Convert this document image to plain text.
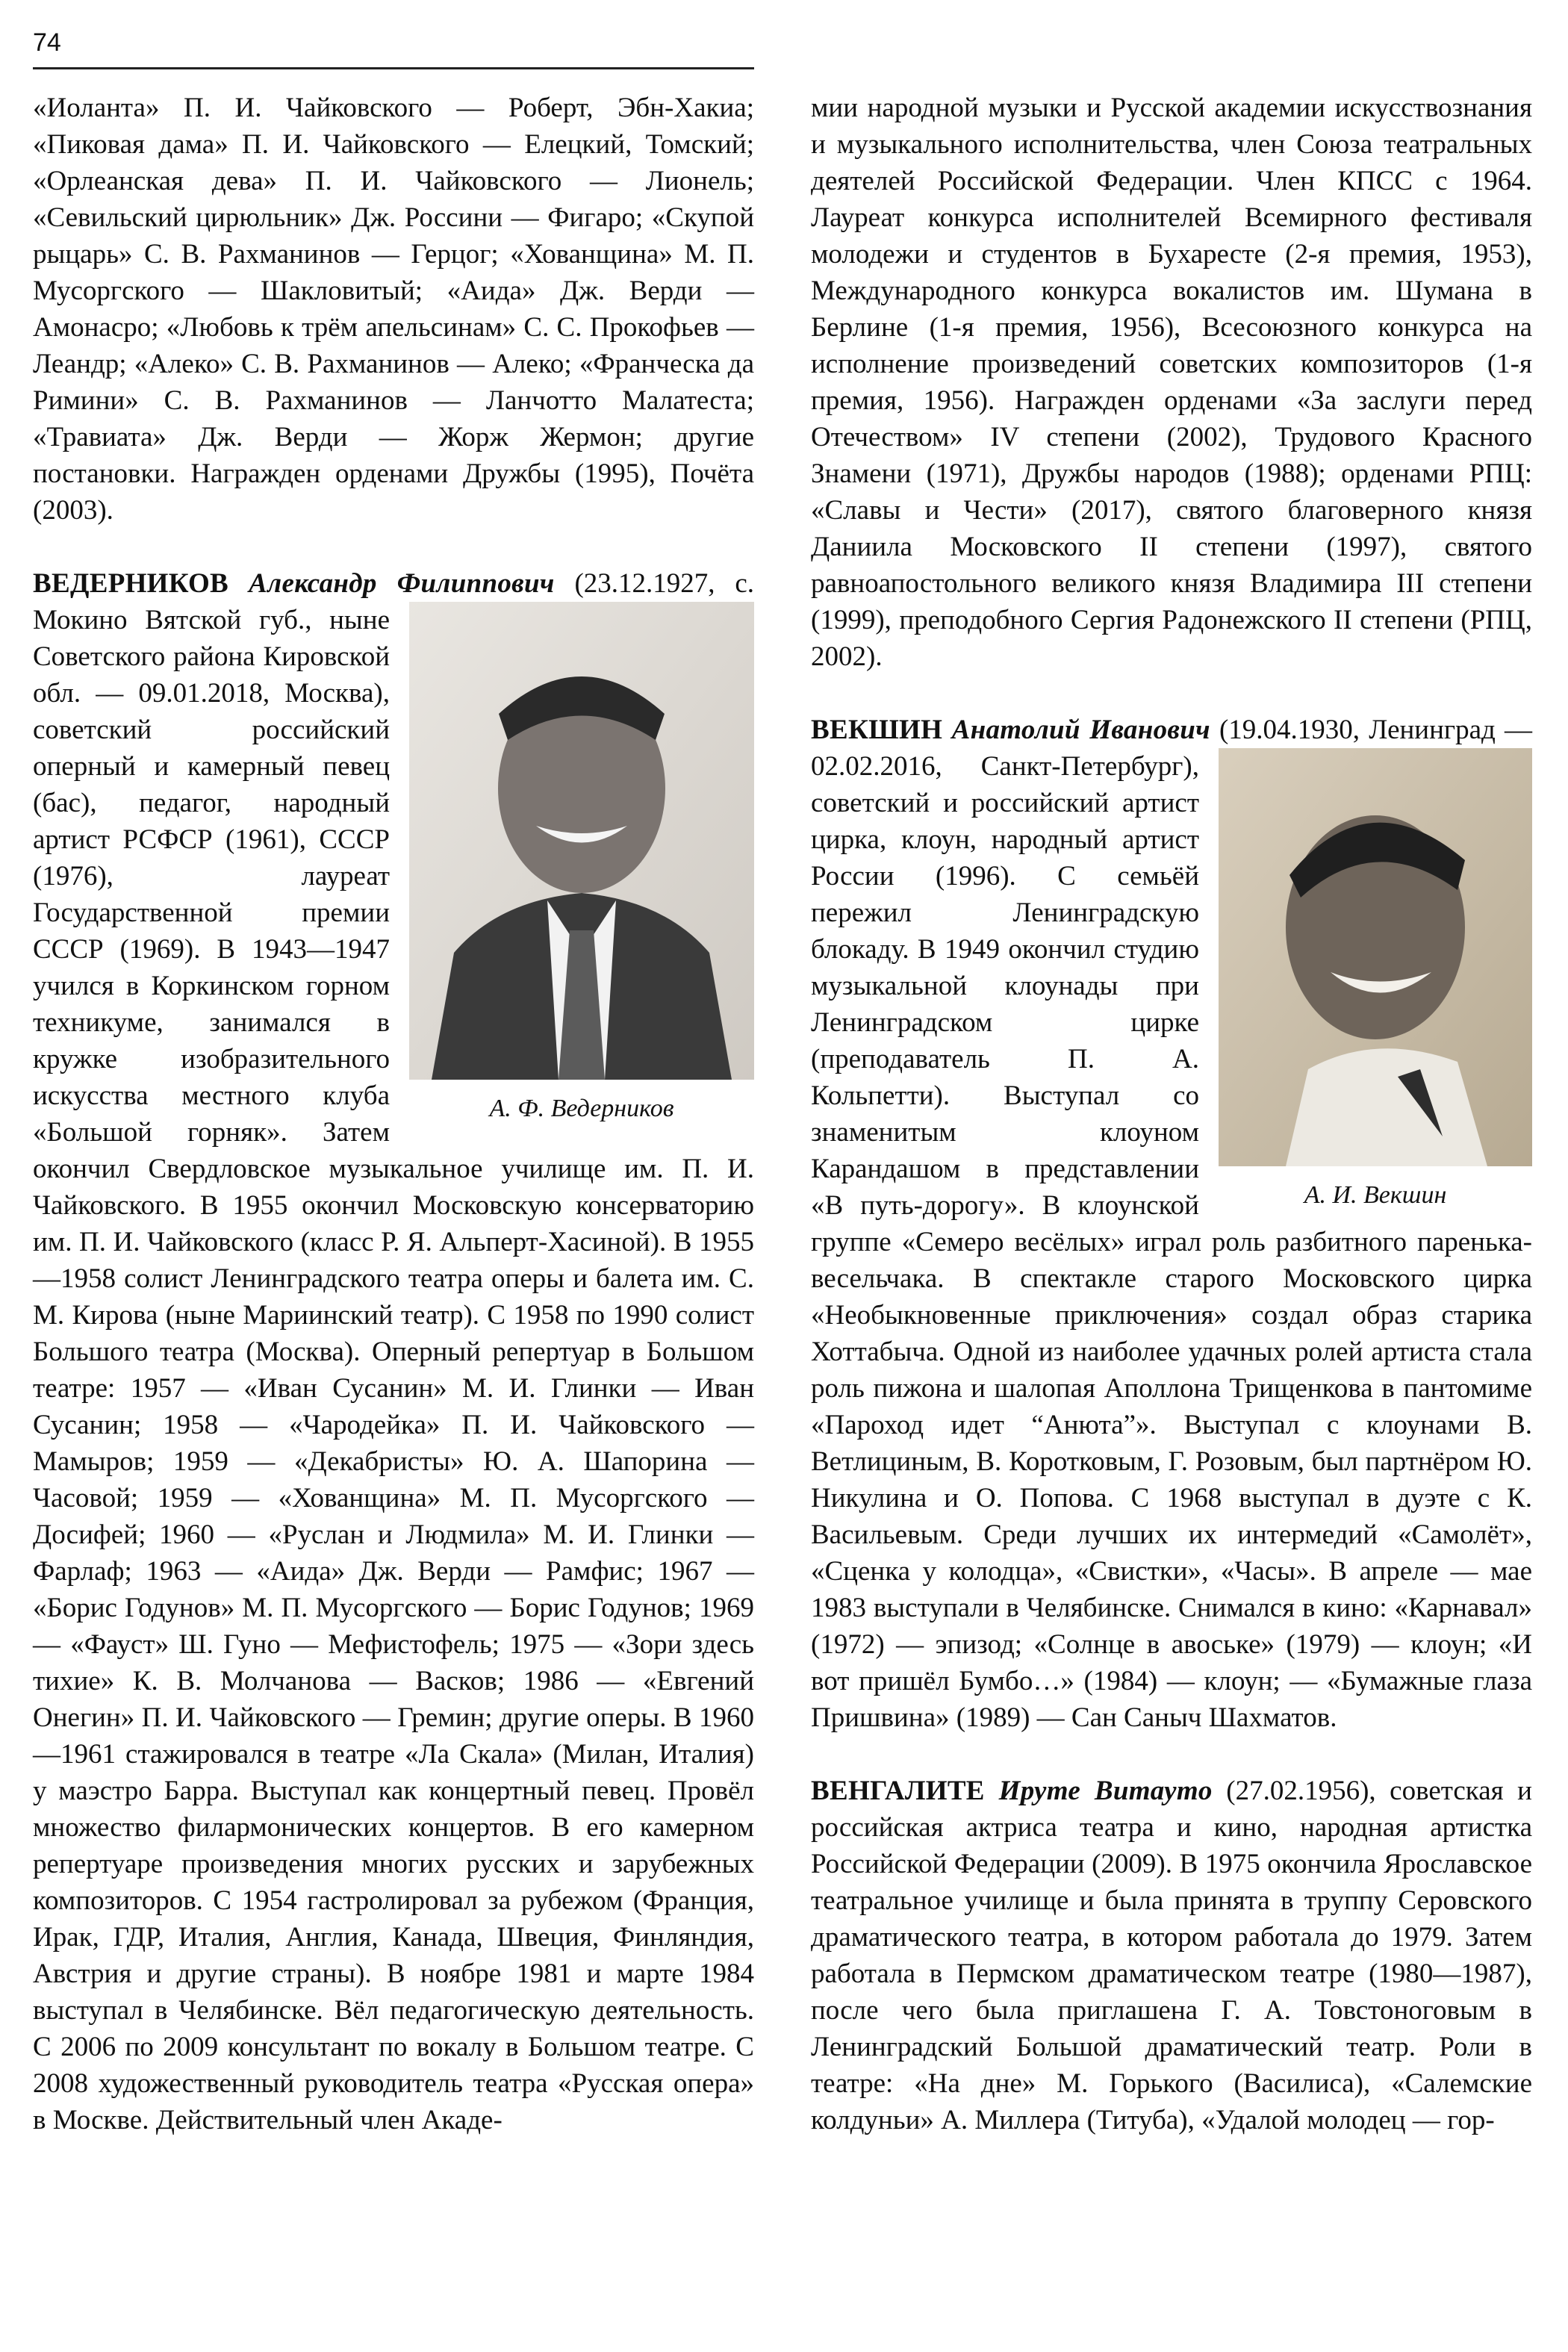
74

«Иоланта» П. И. Чайковского — Роберт, Эбн-Хакиа; «Пиковая дама» П. И. Чайковского — Елецкий, Томский; «Орлеанская дева» П. И. Чайковского — Лионель; «Севильский цирюльник» Дж. Россини — Фигаро; «Скупой рыцарь» С. В. Рахманинов — Герцог; «Хованщина» М. П. Мусоргского — Шакловитый; «Аида» Дж. Верди — Амонасро; «Любовь к трём апельсинам» С. С. Прокофьев — Леандр; «Алеко» С. В. Рахманинов — Алеко; «Франческа да Римини» С. В. Рахманинов — Ланчотто Малатеста; «Травиата» Дж. Верди — Жорж Жермон; другие постановки. Награжден орденами Дружбы (1995), Почёта (2003).

ВЕДЕРНИКОВ Александр Филиппович
А. Ф. Ведерников
(23.12.1927, с. Мокино Вятской губ., ныне Советского района Кировской обл. — 09.01.2018, Москва), советский российский оперный и камерный певец (бас), педагог, народный артист РСФСР (1961), СССР (1976), лауреат Государственной премии СССР (1969). В 1943—1947 учился в Коркинском горном техникуме, занимался в кружке изобразительного искусства местного клуба «Большой горняк». Затем окончил Свердловское музыкальное училище им. П. И. Чайковского. В 1955 окончил Московскую консерваторию им. П. И. Чайковского (класс Р. Я. Альперт-Хасиной). В 1955—1958 солист Ленинградского театра оперы и балета им. С. М. Кирова (ныне Мариинский театр). С 1958 по 1990 солист Большого театра (Москва). Оперный репертуар в Большом театре: 1957 — «Иван Сусанин» М. И. Глинки — Иван Сусанин; 1958 — «Чародейка» П. И. Чайковского — Мамыров; 1959 — «Декабристы» Ю. А. Шапорина — Часовой; 1959 — «Хованщина» М. П. Мусоргского — Досифей; 1960 — «Руслан и Людмила» М. И. Глинки — Фарлаф; 1963 — «Аида» Дж. Верди — Рамфис; 1967 — «Борис Годунов» М. П. Мусоргского — Борис Годунов; 1969 — «Фауст» Ш. Гуно — Мефистофель; 1975 — «Зори здесь тихие» К. В. Молчанова — Васков; 1986 — «Евгений Онегин» П. И. Чайковского — Гремин; другие оперы. В 1960—1961 стажировался в театре «Ла Скала» (Милан, Италия) у маэстро Барра. Выступал как концертный певец. Провёл множество филармонических концертов. В его камерном репертуаре произведения многих русских и зарубежных композиторов. С 1954 гастролировал за рубежом (Франция, Ирак, ГДР, Италия, Англия, Канада, Швеция, Финляндия, Австрия и другие страны). В ноябре 1981 и марте 1984 выступал в Челябинске. Вёл педагогическую деятельность. С 2006 по 2009 консультант по вокалу в Большом театре. С 2008 художественный руководитель театра «Русская опера» в Москве. Действительный член Акаде-

мии народной музыки и Русской академии искусствознания и музыкального исполнительства, член Союза театральных деятелей Российской Федерации. Член КПСС с 1964. Лауреат конкурса исполнителей Всемирного фестиваля молодежи и студентов в Бухаресте (2-я премия, 1953), Международного конкурса вокалистов им. Шумана в Берлине (1-я премия, 1956), Всесоюзного конкурса на исполнение произведений советских композиторов (1-я премия, 1956). Награжден орденами «За заслуги перед Отечеством» IV степени (2002), Трудового Красного Знамени (1971), Дружбы народов (1988); орденами РПЦ: «Славы и Чести» (2017), святого благоверного князя Даниила Московского II степени (1997), святого равноапостольного великого князя Владимира III степени (1999), преподобного Сергия Радонежского II степени (РПЦ, 2002).

ВЕКШИН Анатолий Иванович
А. И. Векшин
(19.04.1930, Ленинград — 02.02.2016, Санкт-Петербург), советский и российский артист цирка, клоун, народный артист России (1996). С семьёй пережил Ленинградскую блокаду. В 1949 окончил студию музыкальной клоунады при Ленинградском цирке (преподаватель П. А. Кольпетти). Выступал со знаменитым клоуном Карандашом в представлении «В путь-дорогу». В клоунской группе «Семеро весёлых» играл роль разбитного паренька-весельчака. В спектакле старого Московского цирка «Необыкновенные приключения» создал образ старика Хоттабыча. Одной из наиболее удачных ролей артиста стала роль пижона и шалопая Аполлона Трищенкова в пантомиме «Пароход идет “Анюта”». Выступал с клоунами В. Ветлициным, В. Коротковым, Г. Розовым, был партнёром Ю. Никулина и О. Попова. С 1968 выступал в дуэте с К. Васильевым. Среди лучших их интермедий «Самолёт», «Сценка у колодца», «Свистки», «Часы». В апреле — мае 1983 выступали в Челябинске. Снимался в кино: «Карнавал» (1972) — эпизод; «Солнце в авоське» (1979) — клоун; «И вот пришёл Бумбо…» (1984) — клоун; — «Бумажные глаза Пришвина» (1989) — Сан Саныч Шахматов.

ВЕНГАЛИТЕ Ируте Витаутo (27.02.1956), советская и российская актриса театра и кино, народная артистка Российской Федерации (2009). В 1975 окончила Ярославское театральное училище и была принята в труппу Серовского драматического театра, в котором работала до 1979. Затем работала в Пермском драматическом театре (1980—1987), после чего была приглашена Г. А. Товстоноговым в Ленинградский Большой драматический театр. Роли в театре: «На дне» М. Горького (Василиса), «Салемские колдуньи» А. Миллера (Титуба), «Удалой молодец — гор-
